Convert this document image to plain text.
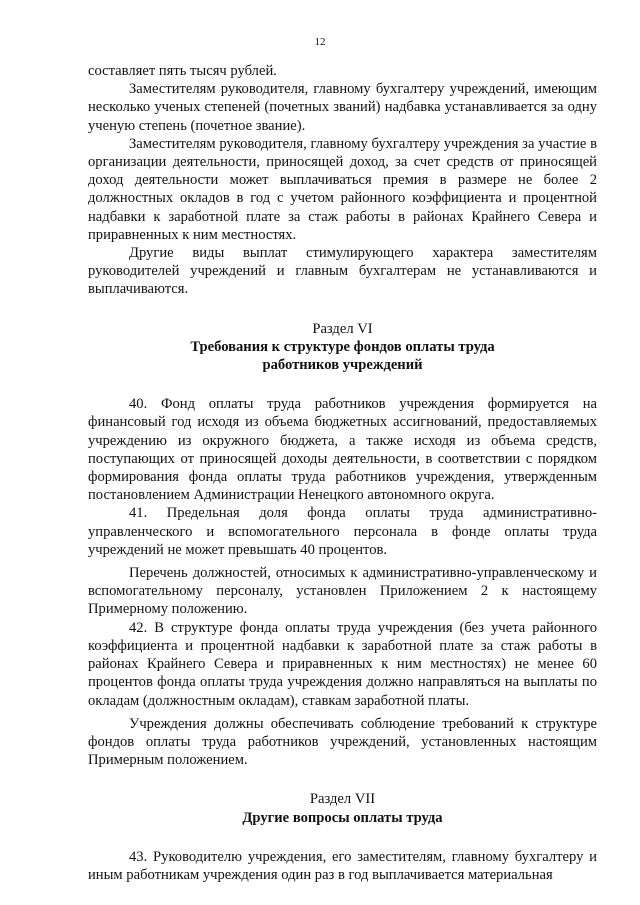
12

составляет пять тысяч рублей.

Заместителям руководителя, главному бухгалтеру учреждений, имеющим несколько ученых степеней (почетных званий) надбавка устанавливается за одну ученую степень (почетное звание).

Заместителям руководителя, главному бухгалтеру учреждения за участие в организации деятельности, приносящей доход, за счет средств от приносящей доход деятельности может выплачиваться премия в размере не более 2 должностных окладов в год с учетом районного коэффициента и процентной надбавки к заработной плате за стаж работы в районах Крайнего Севера и приравненных к ним местностях.

Другие виды выплат стимулирующего характера заместителям руководителей учреждений и главным бухгалтерам не устанавливаются и выплачиваются.

Раздел VI
Требования к структуре фондов оплаты труда
работников учреждений

40. Фонд оплаты труда работников учреждения формируется на финансовый год исходя из объема бюджетных ассигнований, предоставляемых учреждению из окружного бюджета, а также исходя из объема средств, поступающих от приносящей доходы деятельности, в соответствии с порядком формирования фонда оплаты труда работников учреждения, утвержденным постановлением Администрации Ненецкого автономного округа.

41. Предельная доля фонда оплаты труда административно-управленческого и вспомогательного персонала в фонде оплаты труда учреждений не может превышать 40 процентов.

Перечень должностей, относимых к административно-управленческому и вспомогательному персоналу, установлен Приложением 2 к настоящему Примерному положению.

42. В структуре фонда оплаты труда учреждения (без учета районного коэффициента и процентной надбавки к заработной плате за стаж работы в районах Крайнего Севера и приравненных к ним местностях) не менее 60 процентов фонда оплаты труда учреждения должно направляться на выплаты по окладам (должностным окладам), ставкам заработной платы.

Учреждения должны обеспечивать соблюдение требований к структуре фондов оплаты труда работников учреждений, установленных настоящим Примерным положением.

Раздел VII
Другие вопросы оплаты труда

43. Руководителю учреждения, его заместителям, главному бухгалтеру и иным работникам учреждения один раз в год выплачивается материальная
